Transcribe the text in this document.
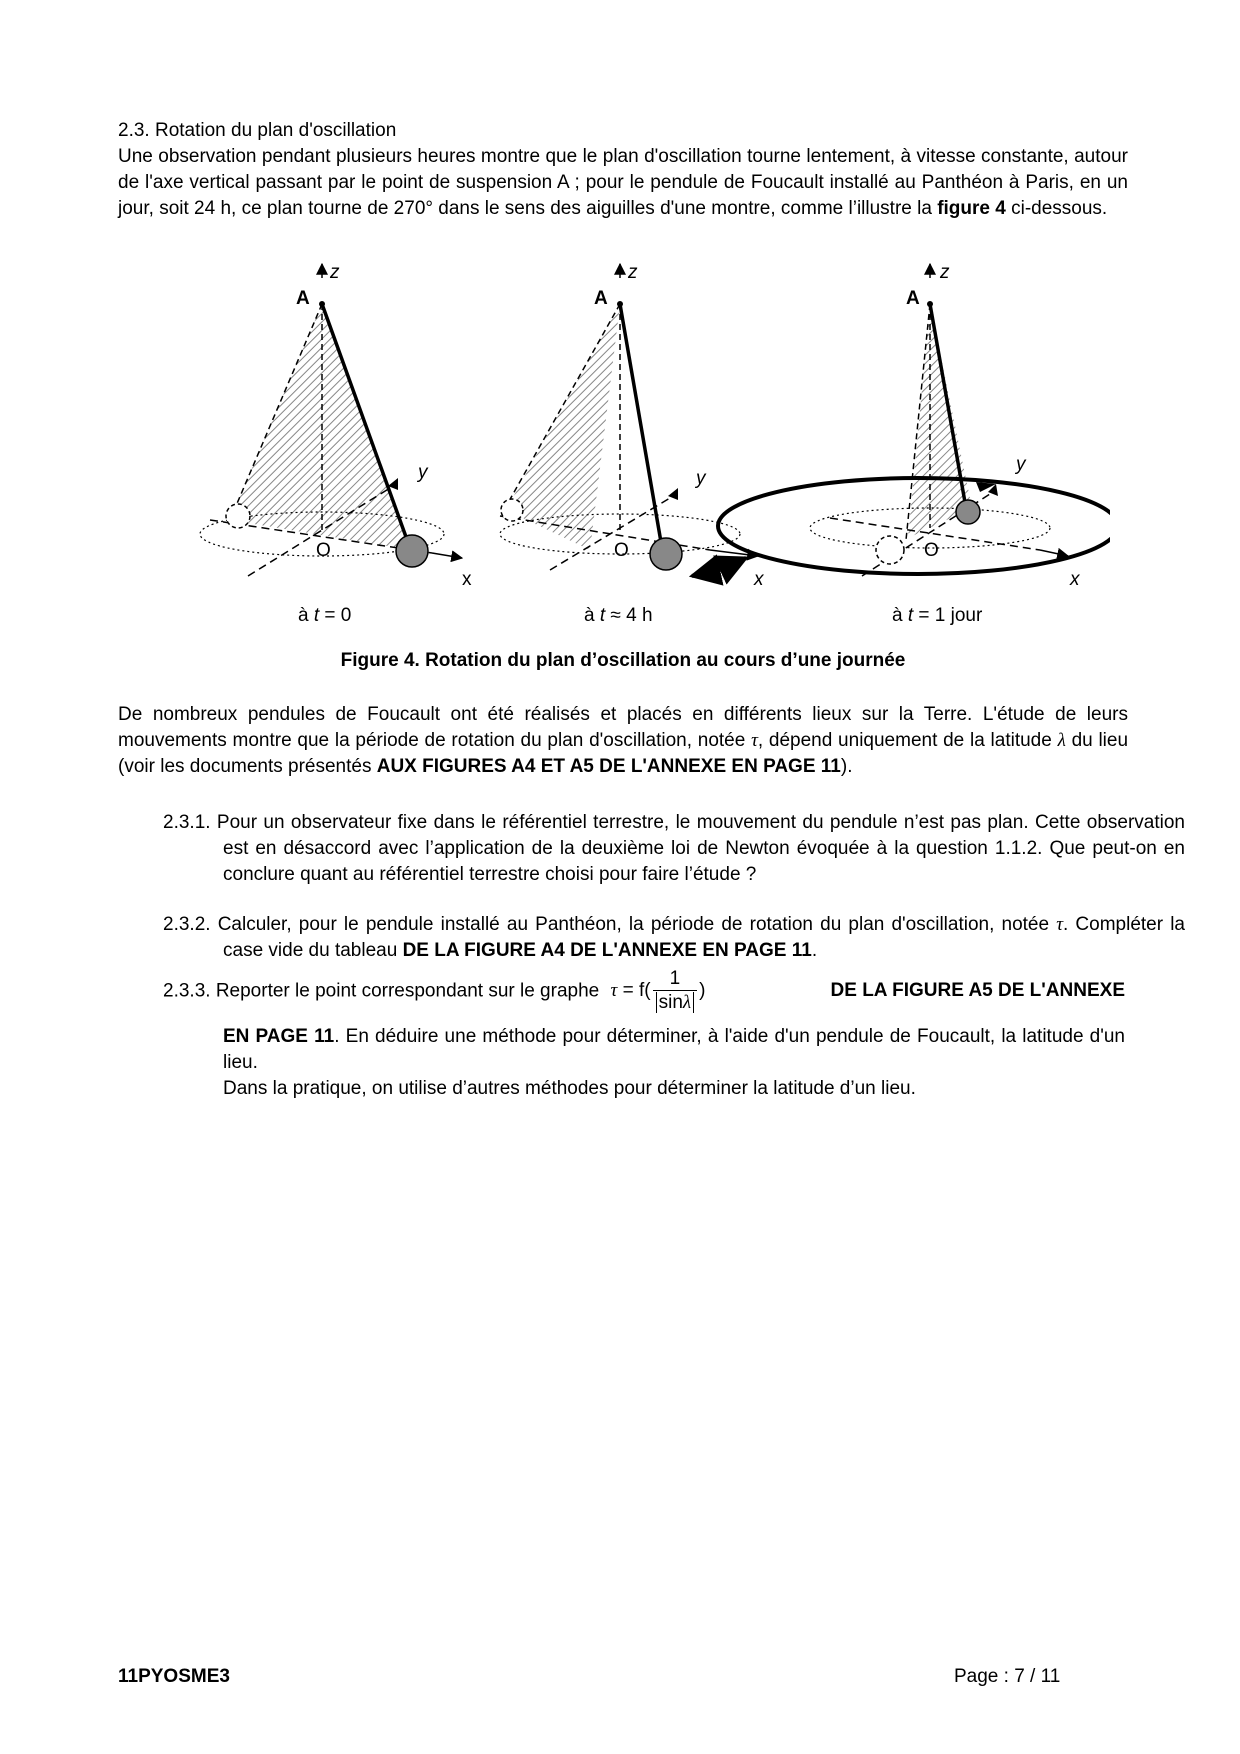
2.3. Rotation du plan d'oscillation
Une observation pendant plusieurs heures montre que le plan d'oscillation tourne lentement, à vitesse constante, autour de l'axe vertical passant par le point de suspension A ; pour le pendule de Foucault installé au Panthéon à Paris, en un jour, soit 24 h, ce plan tourne de 270° dans le sens des aiguilles d'une montre, comme l’illustre la figure 4 ci-dessous.
z
A
y
O
x
z
A
y
O
x
z
A
y
O
x
à t = 0	à t ≈ 4 h	à t = 1 jour
Figure 4. Rotation du plan d’oscillation au cours d’une journée
De nombreux pendules de Foucault ont été réalisés et placés en différents lieux sur la Terre. L'étude de leurs mouvements montre que la période de rotation du plan d'oscillation, notée τ, dépend uniquement de la latitude λ du lieu (voir les documents présentés AUX FIGURES A4 ET A5 DE L'ANNEXE EN PAGE 11).
2.3.1. Pour un observateur fixe dans le référentiel terrestre, le mouvement du pendule n’est pas plan. Cette observation est en désaccord avec l’application de la deuxième loi de Newton évoquée à la question 1.1.2. Que peut-on en conclure quant au référentiel terrestre choisi pour faire l’étude ?
2.3.2. Calculer, pour le pendule installé au Panthéon, la période de rotation du plan d'oscillation, notée τ. Compléter la case vide du tableau DE LA FIGURE A4 DE L'ANNEXE EN PAGE 11.
2.3.3. Reporter le point correspondant sur le graphe $\tau = f( \frac{1}{\sin\lambda}$ )	DE LA FIGURE A5 DE L'ANNEXE
EN PAGE 11. En déduire une méthode pour déterminer, à l'aide d'un pendule de Foucault, la latitude d'un lieu.
Dans la pratique, on utilise d’autres méthodes pour déterminer la latitude d’un lieu.
11PYOSME3	Page : 7 / 11
